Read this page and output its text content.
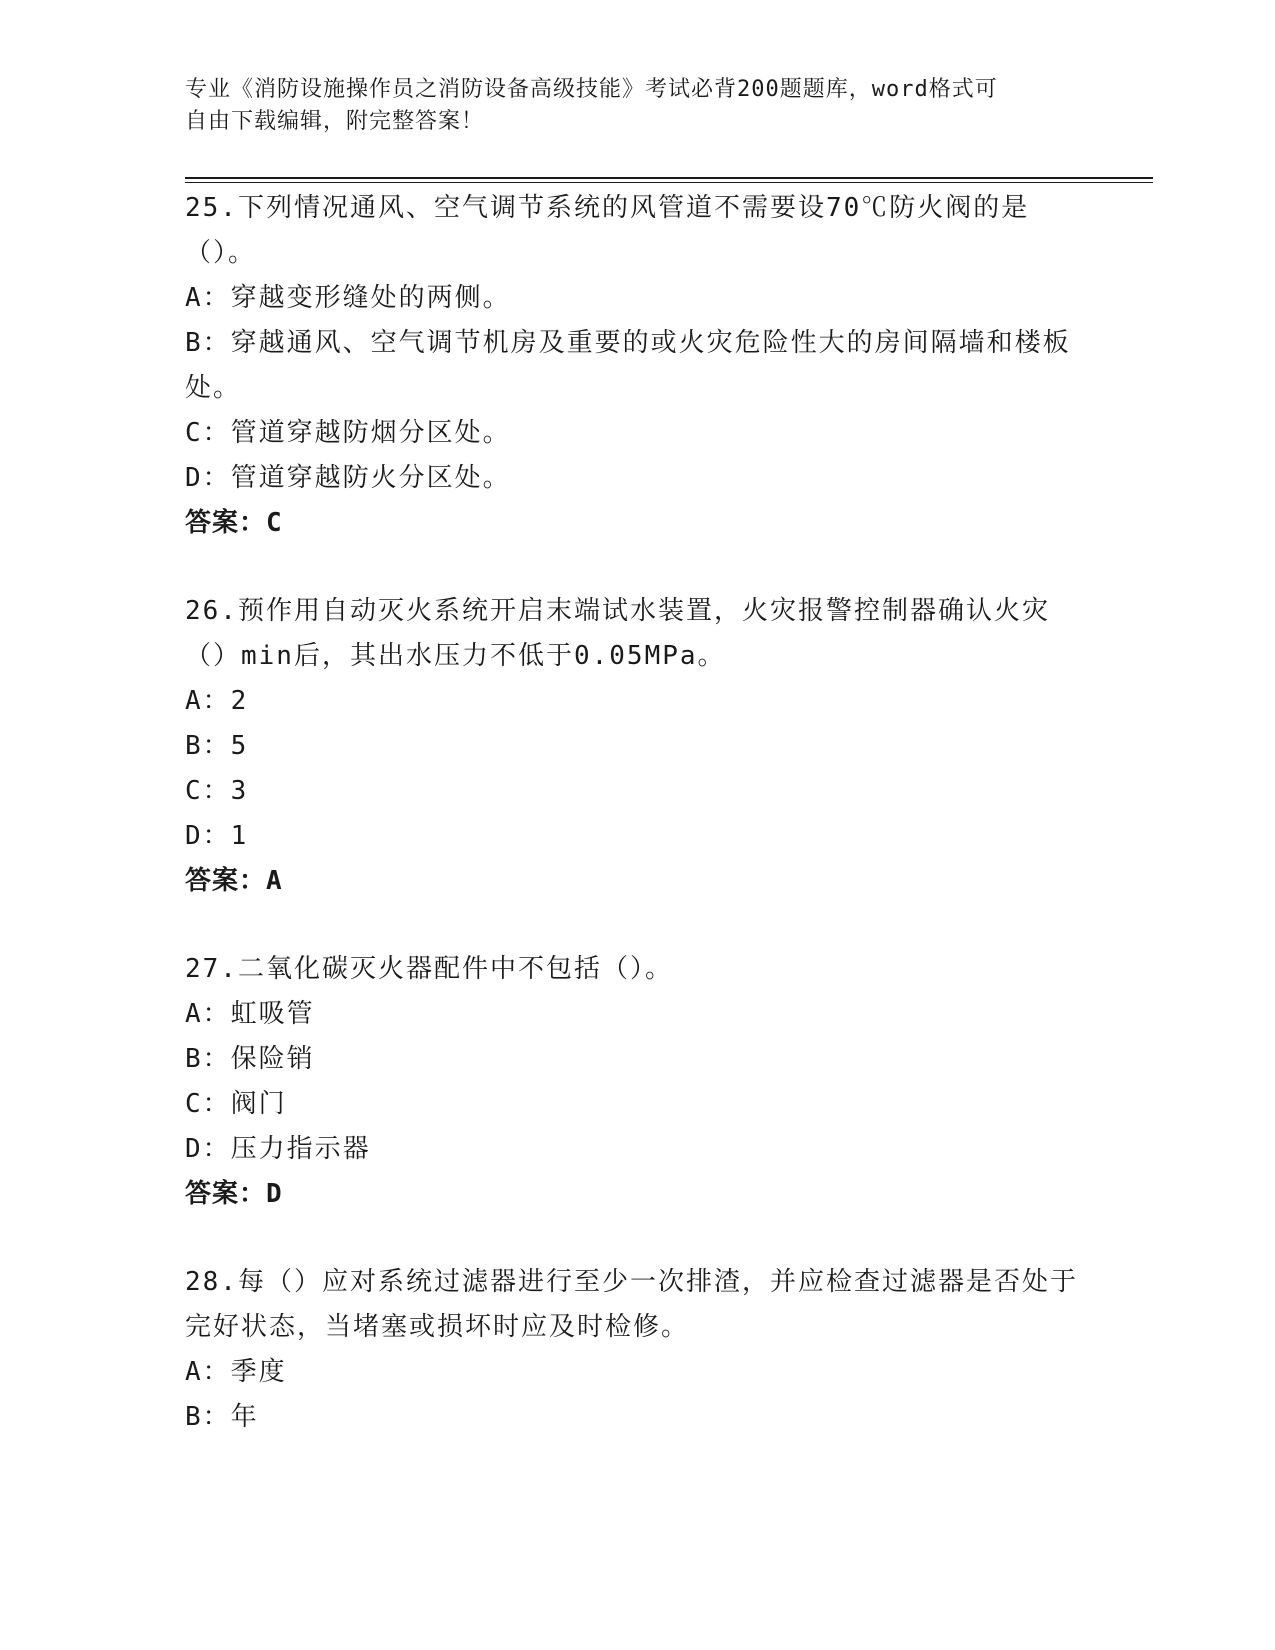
专业《消防设施操作员之消防设备高级技能》考试必背200题题库，word格式可
自由下载编辑，附完整答案！

25.下列情况通风、空气调节系统的风管道不需要设70℃防火阀的是（）。

A：穿越变形缝处的两侧。

B：穿越通风、空气调节机房及重要的或火灾危险性大的房间隔墙和楼板处。

C：管道穿越防烟分区处。

D：管道穿越防火分区处。

答案：C

26.预作用自动灭火系统开启末端试水装置，火灾报警控制器确认火灾（）min后，其出水压力不低于0.05MPa。

A：2

B：5

C：3

D：1

答案：A

27.二氧化碳灭火器配件中不包括（）。

A：虹吸管

B：保险销

C：阀门

D：压力指示器

答案：D

28.每（）应对系统过滤器进行至少一次排渣，并应检查过滤器是否处于完好状态，当堵塞或损坏时应及时检修。

A：季度

B：年
